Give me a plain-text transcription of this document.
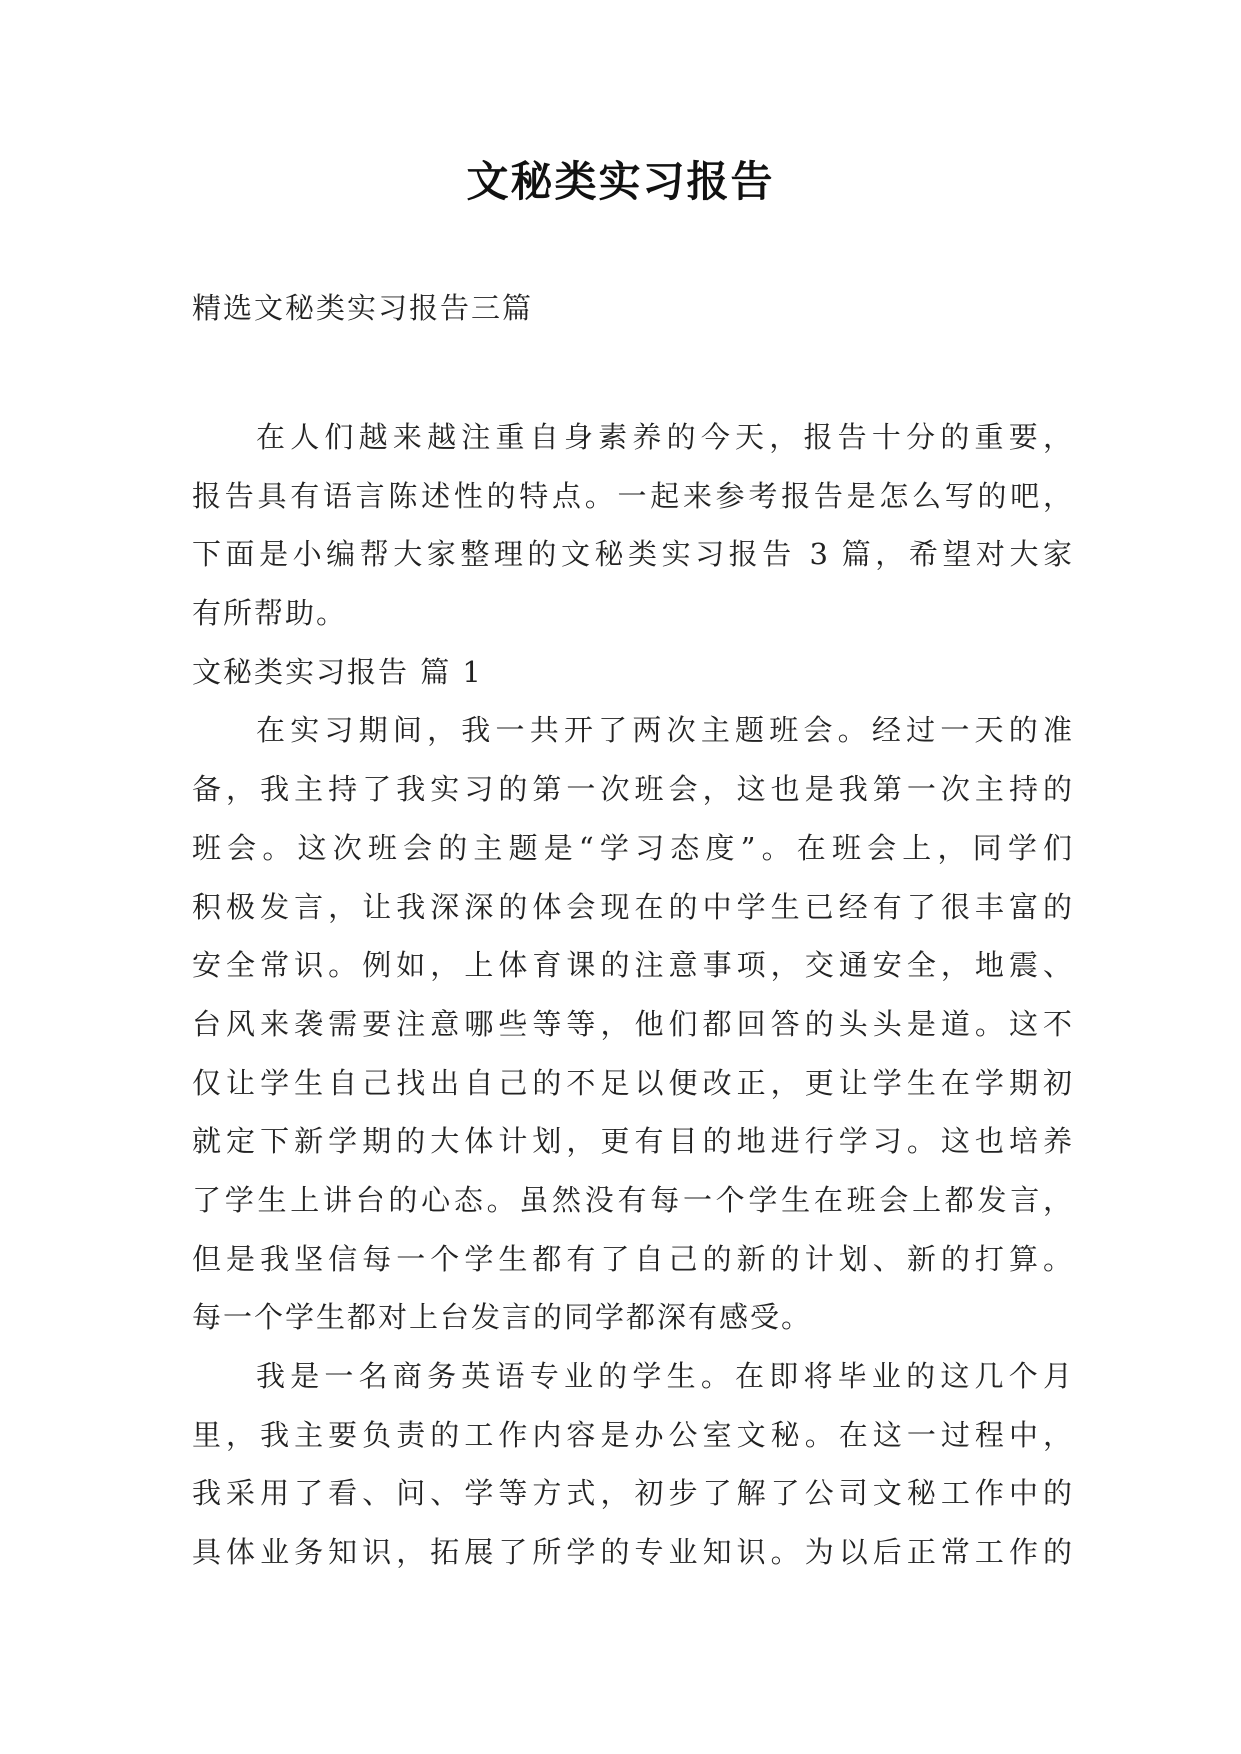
文秘类实习报告
精选文秘类实习报告三篇
在人们越来越注重自身素养的今天，报告十分的重要，
报告具有语言陈述性的特点。一起来参考报告是怎么写的吧，
下面是小编帮大家整理的文秘类实习报告 3 篇，希望对大家
有所帮助。
文秘类实习报告 篇 1
在实习期间，我一共开了两次主题班会。经过一天的准
备，我主持了我实习的第一次班会，这也是我第一次主持的
班会。这次班会的主题是“学习态度”。在班会上，同学们
积极发言，让我深深的体会现在的中学生已经有了很丰富的
安全常识。例如，上体育课的注意事项，交通安全，地震、
台风来袭需要注意哪些等等，他们都回答的头头是道。这不
仅让学生自己找出自己的不足以便改正，更让学生在学期初
就定下新学期的大体计划，更有目的地进行学习。这也培养
了学生上讲台的心态。虽然没有每一个学生在班会上都发言，
但是我坚信每一个学生都有了自己的新的计划、新的打算。
每一个学生都对上台发言的同学都深有感受。
我是一名商务英语专业的学生。在即将毕业的这几个月
里，我主要负责的工作内容是办公室文秘。在这一过程中，
我采用了看、问、学等方式，初步了解了公司文秘工作中的
具体业务知识，拓展了所学的专业知识。为以后正常工作的
